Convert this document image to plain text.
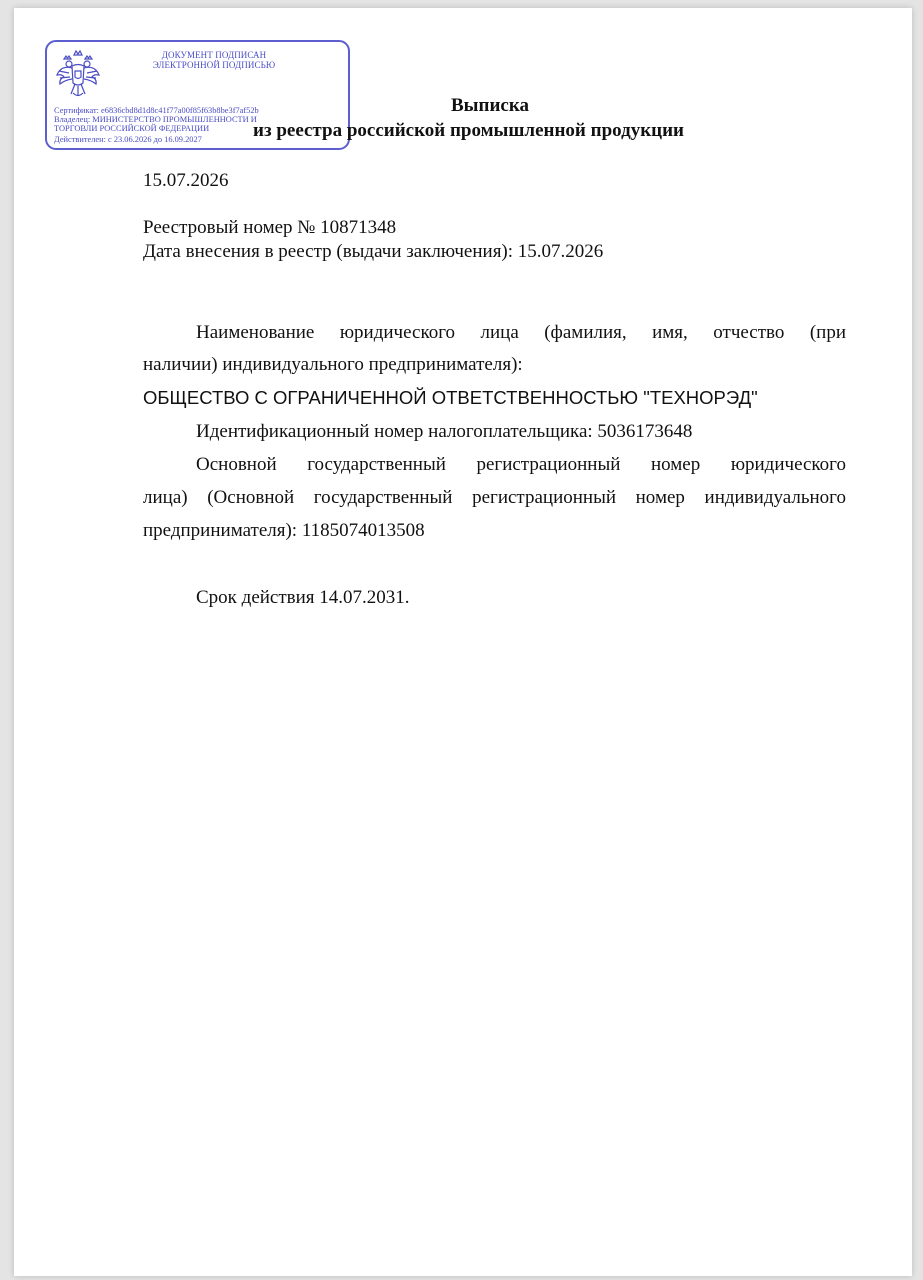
ДОКУМЕНТ ПОДПИСАН
ЭЛЕКТРОННОЙ ПОДПИСЬЮ
Сертификат: e6836cbd8d1d8c41f77a00f85f63b8be3f7af52b
Владелец: МИНИСТЕРСТВО ПРОМЫШЛЕННОСТИ И
ТОРГОВЛИ РОССИЙСКОЙ ФЕДЕРАЦИИ
Действителен: с 23.06.2026 до 16.09.2027
Выписка
из реестра российской промышленной продукции
15.07.2026
Реестровый номер № 10871348
Дата внесения в реестр (выдачи заключения): 15.07.2026
Наименование юридического лица (фамилия, имя, отчество (при
наличии) индивидуального предпринимателя):
ОБЩЕСТВО С ОГРАНИЧЕННОЙ ОТВЕТСТВЕННОСТЬЮ "ТЕХНОРЭД"
Идентификационный номер налогоплательщика: 5036173648
Основной государственный регистрационный номер юридического
лица) (Основной государственный регистрационный номер индивидуального
предпринимателя): 1185074013508
Срок действия 14.07.2031.
